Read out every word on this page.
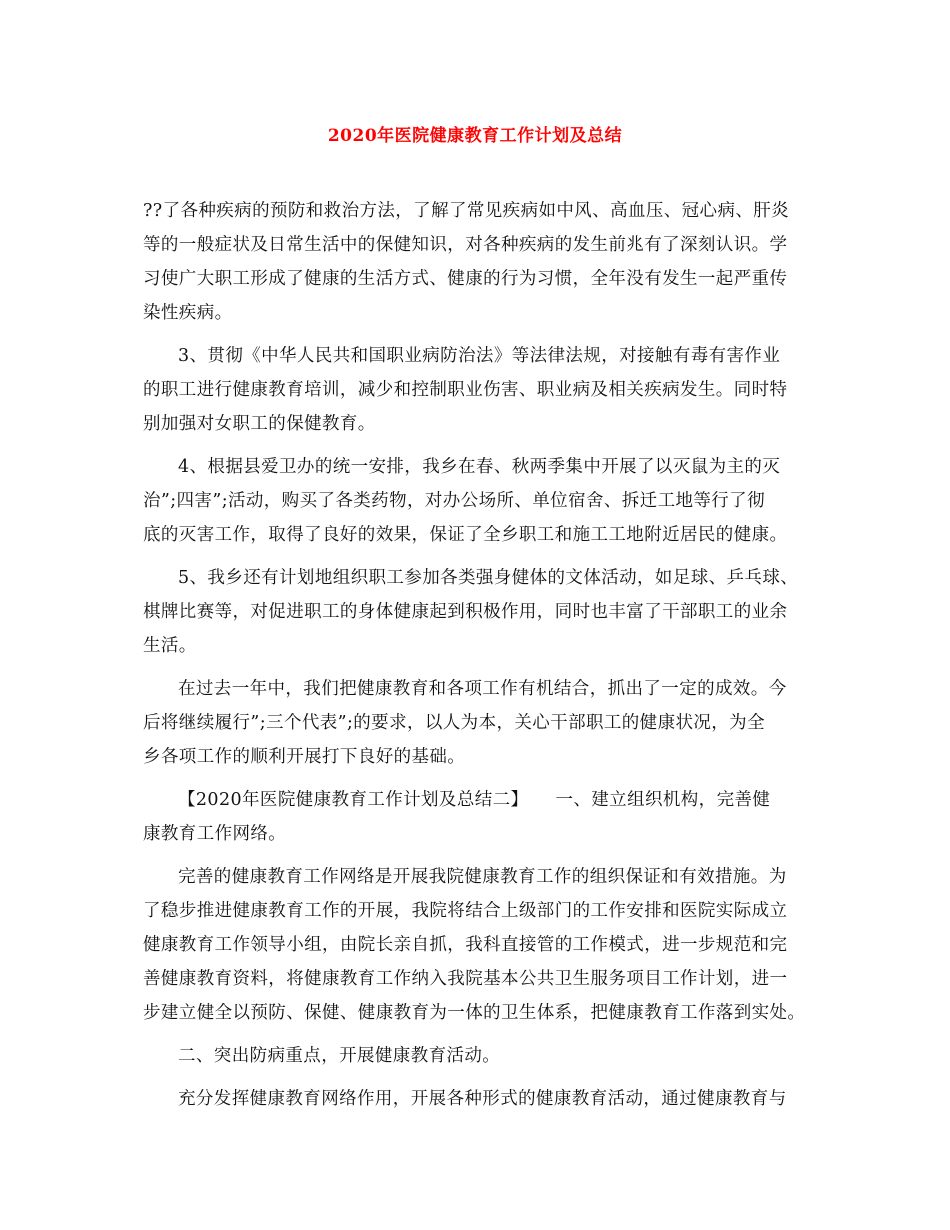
2020年医院健康教育工作计划及总结
??了各种疾病的预防和救治方法，了解了常见疾病如中风、高血压、冠心病、肝炎
等的一般症状及日常生活中的保健知识，对各种疾病的发生前兆有了深刻认识。学
习使广大职工形成了健康的生活方式、健康的行为习惯，全年没有发生一起严重传
染性疾病。
3、贯彻《中华人民共和国职业病防治法》等法律法规，对接触有毒有害作业
的职工进行健康教育培训，减少和控制职业伤害、职业病及相关疾病发生。同时特
别加强对女职工的保健教育。
4、根据县爱卫办的统一安排，我乡在春、秋两季集中开展了以灭鼠为主的灭
治”;四害”;活动，购买了各类药物，对办公场所、单位宿舍、拆迁工地等行了彻
底的灭害工作，取得了良好的效果，保证了全乡职工和施工工地附近居民的健康。
5、我乡还有计划地组织职工参加各类强身健体的文体活动，如足球、乒乓球、
棋牌比赛等，对促进职工的身体健康起到积极作用，同时也丰富了干部职工的业余
生活。
在过去一年中，我们把健康教育和各项工作有机结合，抓出了一定的成效。今
后将继续履行”;三个代表”;的要求，以人为本，关心干部职工的健康状况，为全
乡各项工作的顺利开展打下良好的基础。
【2020年医院健康教育工作计划及总结二】　　一、建立组织机构，完善健
康教育工作网络。
完善的健康教育工作网络是开展我院健康教育工作的组织保证和有效措施。为
了稳步推进健康教育工作的开展，我院将结合上级部门的工作安排和医院实际成立
健康教育工作领导小组，由院长亲自抓，我科直接管的工作模式，进一步规范和完
善健康教育资料，将健康教育工作纳入我院基本公共卫生服务项目工作计划，进一
步建立健全以预防、保健、健康教育为一体的卫生体系，把健康教育工作落到实处。
二、突出防病重点，开展健康教育活动。
充分发挥健康教育网络作用，开展各种形式的健康教育活动，通过健康教育与
